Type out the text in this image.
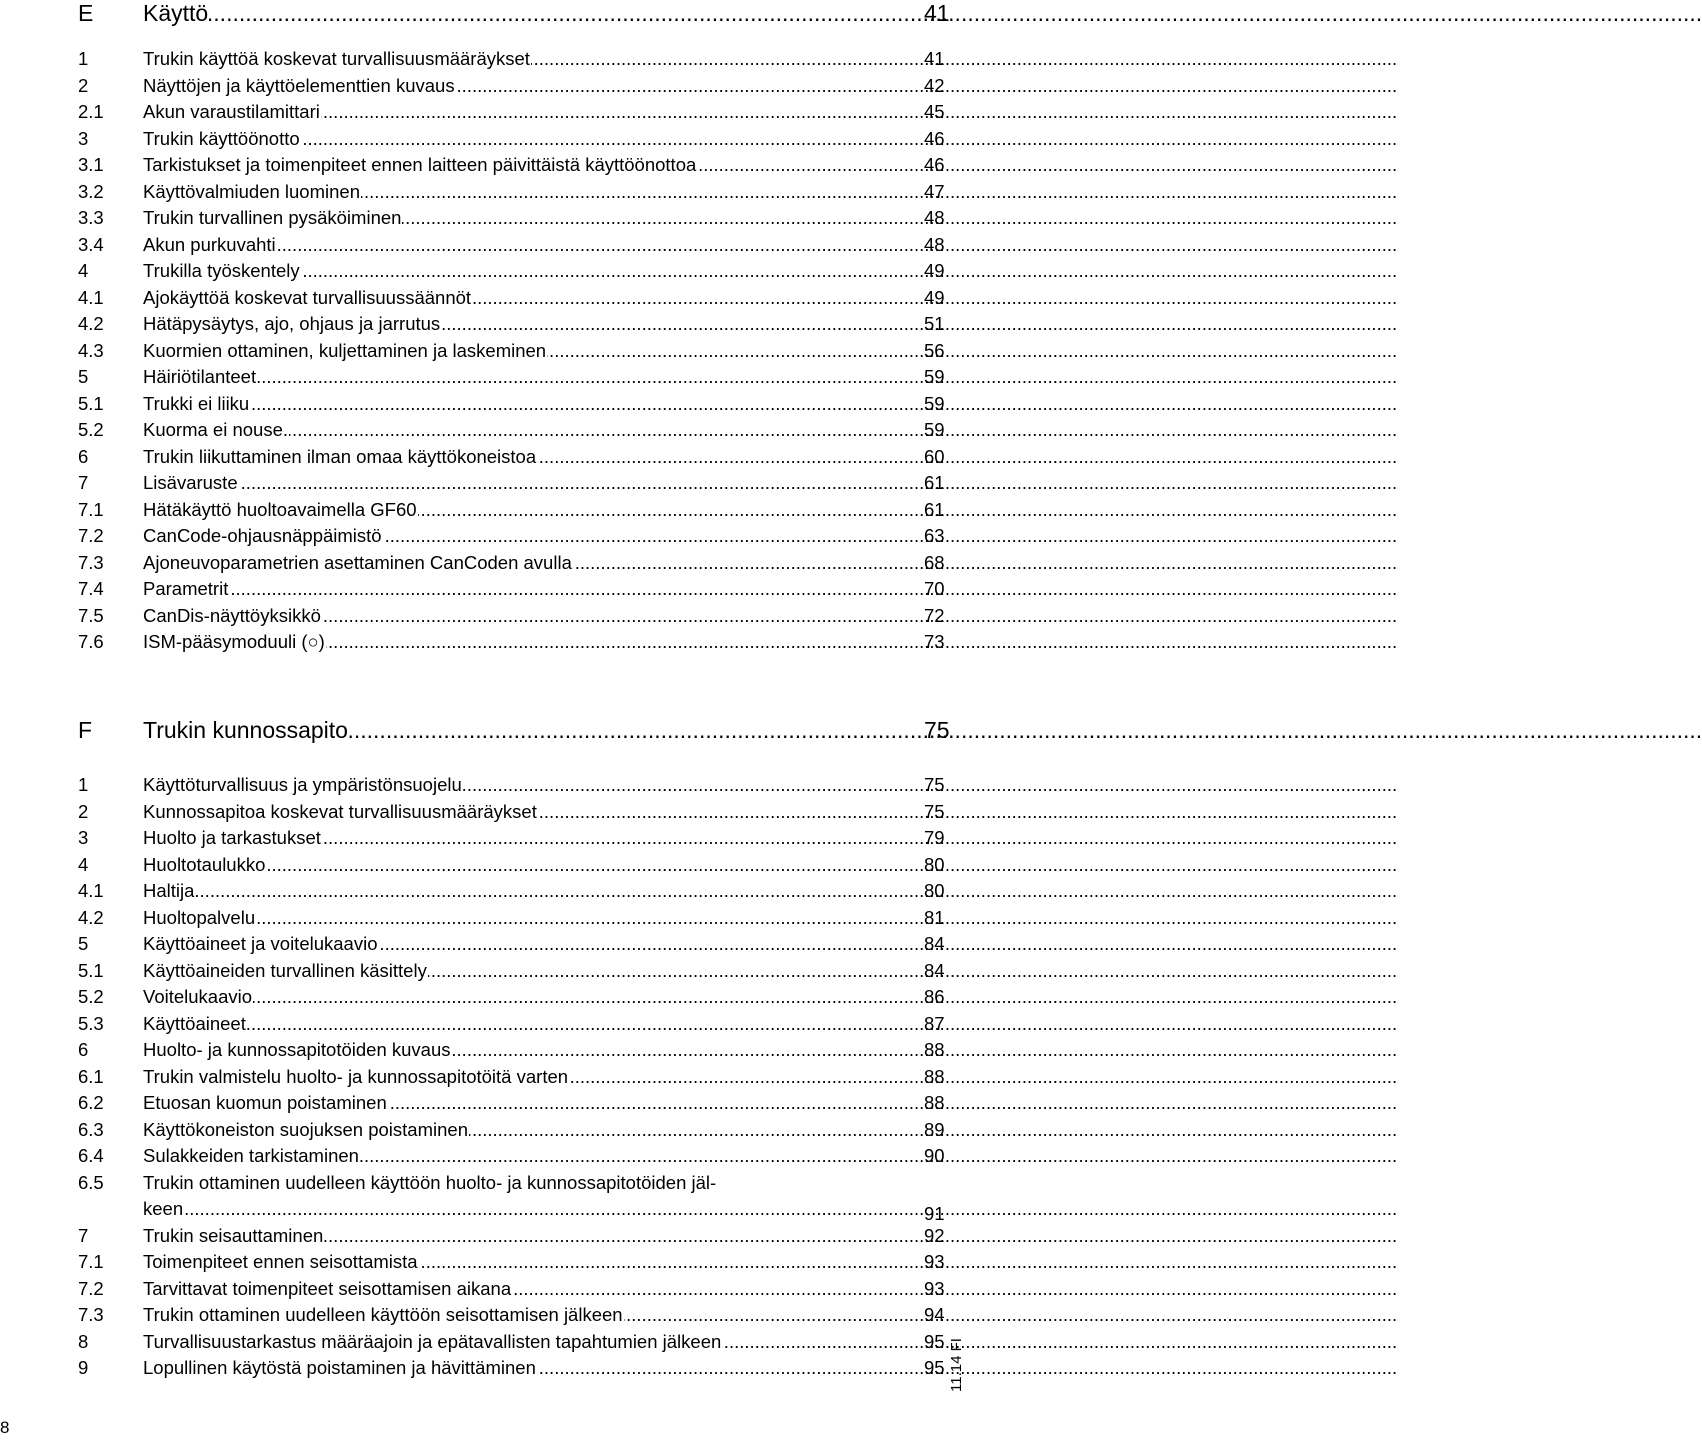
E	Käyttö .....	41
1	Trukin käyttöä koskevat turvallisuusmääräykset .....	41
2	Näyttöjen ja käyttöelementtien kuvaus .....	42
2.1	Akun varaustilamittari .....	45
3	Trukin käyttöönotto .....	46
3.1	Tarkistukset ja toimenpiteet ennen laitteen päivittäistä käyttöönottoa .....	46
3.2	Käyttövalmiuden luominen .....	47
3.3	Trukin turvallinen pysäköiminen .....	48
3.4	Akun purkuvahti .....	48
4	Trukilla työskentely .....	49
4.1	Ajokäyttöä koskevat turvallisuussäännöt .....	49
4.2	Hätäpysäytys, ajo, ohjaus ja jarrutus .....	51
4.3	Kuormien ottaminen, kuljettaminen ja laskeminen .....	56
5	Häiriötilanteet .....	59
5.1	Trukki ei liiku .....	59
5.2	Kuorma ei nouse. .....	59
6	Trukin liikuttaminen ilman omaa käyttökoneistoa .....	60
7	Lisävaruste .....	61
7.1	Hätäkäyttö huoltoavaimella GF60 .....	61
7.2	CanCode-ohjausnäppäimistö .....	63
7.3	Ajoneuvoparametrien asettaminen CanCoden avulla .....	68
7.4	Parametrit .....	70
7.5	CanDis-näyttöyksikkö .....	72
7.6	ISM-pääsymoduuli (○) .....	73
F	Trukin kunnossapito .....	75
1	Käyttöturvallisuus ja ympäristönsuojelu .....	75
2	Kunnossapitoa koskevat turvallisuusmääräykset .....	75
3	Huolto ja tarkastukset .....	79
4	Huoltotaulukko .....	80
4.1	Haltija .....	80
4.2	Huoltopalvelu .....	81
5	Käyttöaineet ja voitelukaavio .....	84
5.1	Käyttöaineiden turvallinen käsittely .....	84
5.2	Voitelukaavio .....	86
5.3	Käyttöaineet .....	87
6	Huolto- ja kunnossapitotöiden kuvaus .....	88
6.1	Trukin valmistelu huolto- ja kunnossapitotöitä varten .....	88
6.2	Etuosan kuomun poistaminen .....	88
6.3	Käyttökoneiston suojuksen poistaminen .....	89
6.4	Sulakkeiden tarkistaminen .....	90
6.5	Trukin ottaminen uudelleen käyttöön huolto- ja kunnossapitotöiden jäl-
keen .....	91
7	Trukin seisauttaminen .....	92
7.1	Toimenpiteet ennen seisottamista .....	93
7.2	Tarvittavat toimenpiteet seisottamisen aikana .....	93
7.3	Trukin ottaminen uudelleen käyttöön seisottamisen jälkeen .....	94
8	Turvallisuustarkastus määräajoin ja epätavallisten tapahtumien jälkeen .....	95
9	Lopullinen käytöstä poistaminen ja hävittäminen .....	95
8
11.14 FI
